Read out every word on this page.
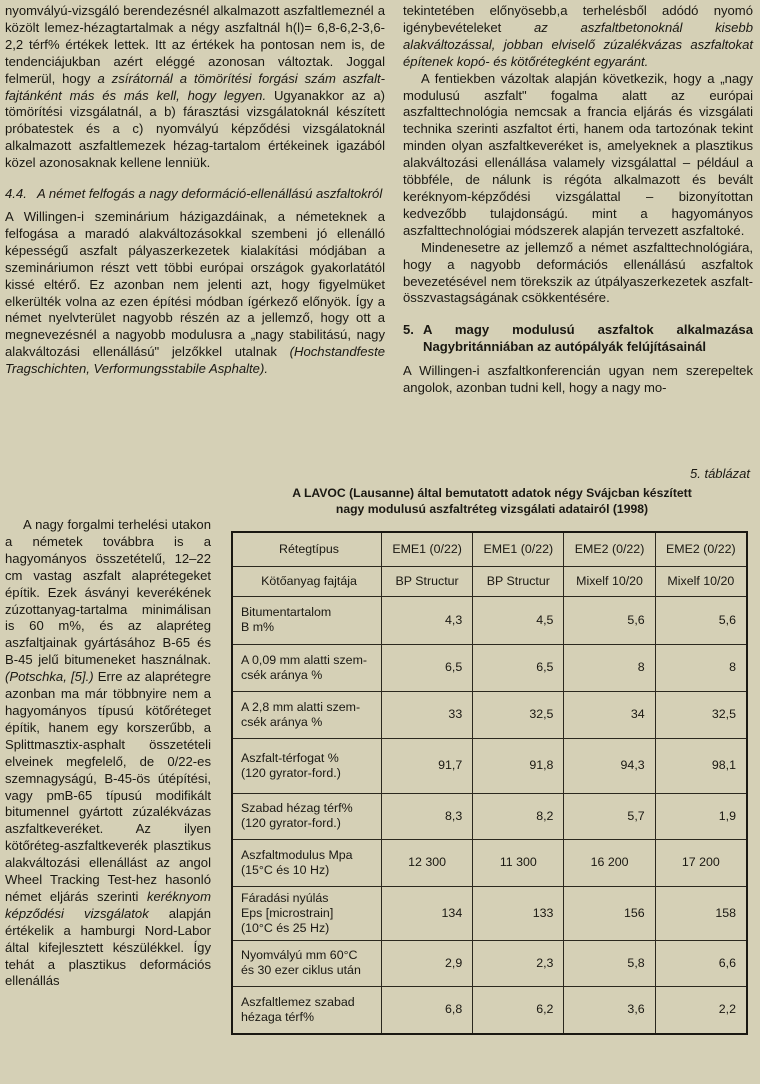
nyomvályú-vizsgáló berendezésnél alkalmazott aszfaltlemeznél a közölt lemez-hézagtartalmak a négy aszfaltnál h(l)= 6,8-6,2-3,6-2,2 térf% értékek lettek. Itt az értékek ha pontosan nem is, de tendenciájukban azért eléggé azonosan változtak. Joggal felmerül, hogy a zsírátornál a tömörítési forgási szám aszfalt-fajtánként más és más kell, hogy legyen. Ugyanakkor az a) tömörítési vizsgálatnál, a b) fárasztási vizsgálatoknál készített próbatestek és a c) nyomvályú képződési vizsgálatoknál alkalmazott aszfaltlemezek hézag-tartalom értékeinek igazából közel azonosaknak kellene lenniük.

4.4. A német felfogás a nagy deformáció-ellenállású aszfaltokról

A Willingen-i szeminárium házigazdáinak, a németeknek a felfogása a maradó alakváltozásokkal szembeni jó ellenálló képességű aszfalt pályaszerkezetek kialakítási módjában a szemináriumon részt vett többi európai országok gyakorlatától kissé eltérő. Ez azonban nem jelenti azt, hogy figyelmüket elkerülték volna az ezen építési módban ígérkező előnyök. Így a német nyelvterület nagyobb részén az a jellemző, hogy ott a megnevezésnél a nagyobb modulusra a „nagy stabilitású, nagy alakváltozási ellenállású" jelzőkkel utalnak (Hochstandfeste Tragschichten, Verformungsstabile Asphalte).

A nagy forgalmi terhelési utakon a németek továbbra is a hagyományos összetételű, 12–22 cm vastag aszfalt alaprétegeket építik. Ezek ásványi keverékének zúzottanyag-tartalma minimálisan is 60 m%, és az alapréteg aszfaltjainak gyártásához B-65 és B-45 jelű bitumeneket használnak. (Potschka, [5].) Erre az alaprétegre azonban ma már többnyire nem a hagyományos típusú kötőréteget építik, hanem egy korszerűbb, a Splittmasztix-asphalt összetételi elveinek megfelelő, de 0/22-es szemnagyságú, B-45-ös útépítési, vagy pmB-65 típusú modifikált bitumennel gyártott zúzalékvázas aszfaltkeveréket. Az ilyen kötőréteg-aszfaltkeverék plasztikus alakváltozási ellenállást az angol Wheel Tracking Test-hez hasonló német eljárás szerinti keréknyom képződési vizsgálatok alapján értékelik a hamburgi Nord-Labor által kifejlesztett készülékkel. Így tehát a plasztikus deformációs ellenállás

tekintetében előnyösebb,a terhelésből adódó nyomó igénybevételeket az aszfaltbetonoknál kisebb alakváltozással, jobban elviselő zúzalékvázas aszfaltokat építenek kopó- és kötőrétegként egyaránt.

A fentiekben vázoltak alapján következik, hogy a „nagy modulusú aszfalt" fogalma alatt az európai aszfalttechnológia nemcsak a francia eljárás és vizsgálati technika szerinti aszfaltot érti, hanem oda tartozónak tekint minden olyan aszfaltkeveréket is, amelyeknek a plasztikus alakváltozási ellenállása valamely vizsgálattal – például a többféle, de nálunk is régóta alkalmazott és bevált keréknyom-képződési vizsgálattal – bizonyítottan kedvezőbb tulajdonságú. mint a hagyományos aszfalttechnológiai módszerek alapján tervezett aszfaltoké.

Mindenesetre az jellemző a német aszfalttechnológiára, hogy a nagyobb deformációs ellenállású aszfaltok bevezetésével nem törekszik az útpályaszerkezetek aszfalt- összvastagságának csökkentésére.

5. A magy modulusú aszfaltok alkalmazása Nagybritánniában az autópályák felújításainál

A Willingen-i aszfaltkonferencián ugyan nem szerepeltek angolok, azonban tudni kell, hogy a nagy mo-

5. táblázat
A LAVOC (Lausanne) által bemutatott adatok négy Svájcban készített
nagy modulusú aszfaltréteg vizsgálati adatairól (1998)
Rétegtípus	EME1 (0/22)	EME1 (0/22)	EME2 (0/22)	EME2 (0/22)
Kötőanyag fajtája	BP Structur	BP Structur	Mixelf 10/20	Mixelf 10/20

Bitumentartalom
B m%	4,3	4,5	5,6	5,6

A 0,09 mm alatti szem-
csék aránya %	6,5	6,5	8	8

A 2,8 mm alatti szem-
csék aránya %	33	32,5	34	32,5

Aszfalt-térfogat %
(120 gyrator-ford.)	91,7	91,8	94,3	98,1

Szabad hézag térf%
(120 gyrator-ford.)	8,3	8,2	5,7	1,9

Aszfaltmodulus Mpa
(15°C és 10 Hz)	12 300	11 300	16 200	17 200

Fáradási nyúlás
Eps [microstrain]
(10°C és 25 Hz)	134	133	156	158

Nyomvályú mm 60°C
és 30 ezer ciklus után	2,9	2,3	5,8	6,6

Aszfaltlemez szabad
hézaga térf%	6,8	6,2	3,6	2,2
